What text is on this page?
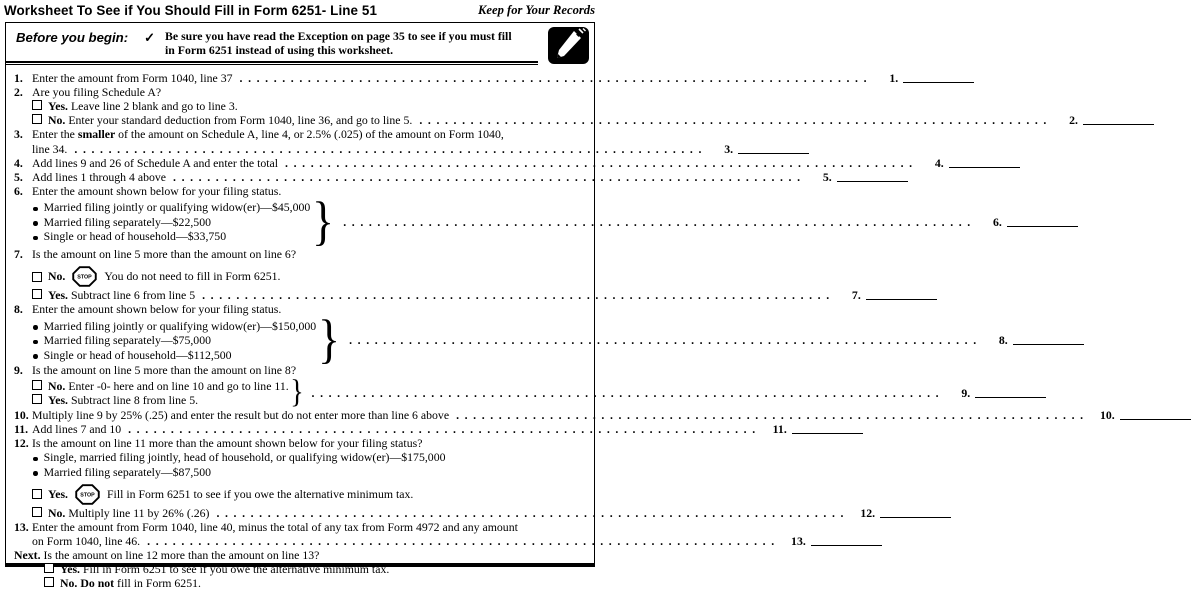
Worksheet To See if You Should Fill in Form 6251- Line 51	Keep for Your Records
Before you begin: ✓ Be sure you have read the Exception on page 35 to see if you must fill in Form 6251 instead of using this worksheet.
1. Enter the amount from Form 1040, line 37 .....	1.
2. Are you filing Schedule A?
Yes. Leave line 2 blank and go to line 3.
No. Enter your standard deduction from Form 1040, line 36, and go to line 5. .....	2.
3. Enter the smaller of the amount on Schedule A, line 4, or 2.5% (.025) of the amount on Form 1040,
line 34. .....	3.
4. Add lines 9 and 26 of Schedule A and enter the total .....	4.
5. Add lines 1 through 4 above .....	5.
6. Enter the amount shown below for your filing status.
Married filing jointly or qualifying widow(er)—$45,000
Married filing separately—$22,500
Single or head of household—$33,750 } .....	6.
7. Is the amount on line 5 more than the amount on line 6?
No. STOP You do not need to fill in Form 6251.
Yes. Subtract line 6 from line 5 .....	7.
8. Enter the amount shown below for your filing status.
Married filing jointly or qualifying widow(er)—$150,000
Married filing separately—$75,000
Single or head of household—$112,500 } .....	8.
9. Is the amount on line 5 more than the amount on line 8?
No. Enter -0- here and on line 10 and go to line 11.
Yes. Subtract line 8 from line 5.	} .....	9.
10. Multiply line 9 by 25% (.25) and enter the result but do not enter more than line 6 above .....	10.
11. Add lines 7 and 10 .....	11.
12. Is the amount on line 11 more than the amount shown below for your filing status?
Single, married filing jointly, head of household, or qualifying widow(er)—$175,000
Married filing separately—$87,500
Yes. STOP Fill in Form 6251 to see if you owe the alternative minimum tax.
No. Multiply line 11 by 26% (.26) .....	12.
13. Enter the amount from Form 1040, line 40, minus the total of any tax from Form 4972 and any amount
on Form 1040, line 46. .....	13.
Next. Is the amount on line 12 more than the amount on line 13?
Yes. Fill in Form 6251 to see if you owe the alternative minimum tax.
No. Do not fill in Form 6251.
